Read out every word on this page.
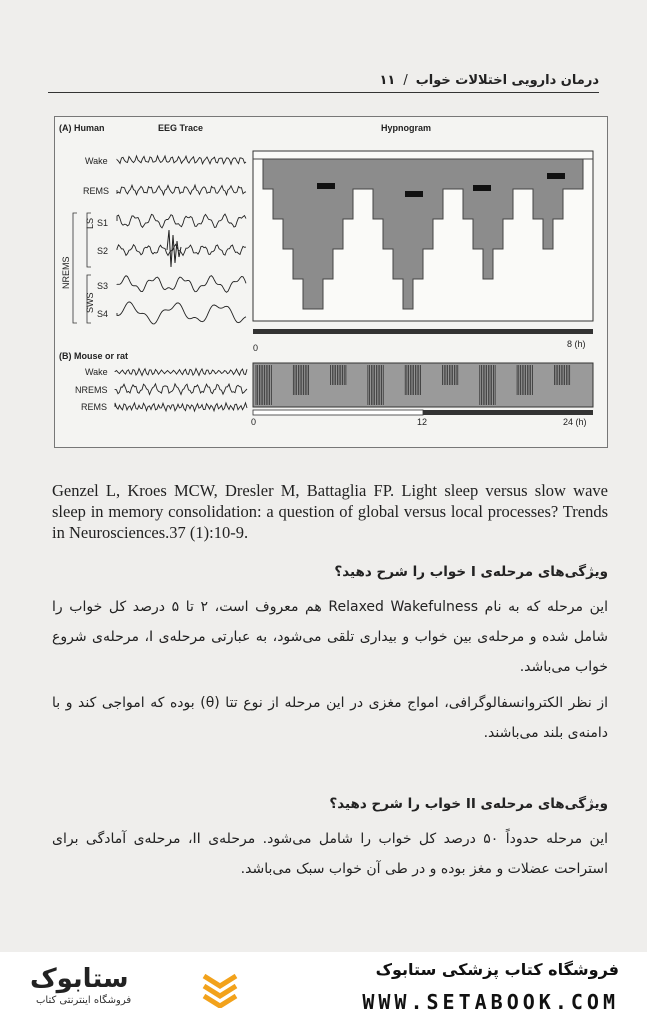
درمان دارویی اختلالات خواب
/
۱۱
(A) Human	EEG Trace	Hypnogram
Wake
REMS
S1
S2
S3
S4
LS
SWS
NREMS
0	8 (h)
(B) Mouse or rat
Wake
NREMS
REMS
0	12	24 (h)
Genzel L, Kroes MCW, Dresler M, Battaglia FP. Light sleep versus slow wave sleep in memory consolidation: a question of global versus local processes? Trends in Neurosciences.37 (1):10-9.
ویژگی‌های مرحله‌ی I خواب را شرح دهید؟
این مرحله که به نام Relaxed Wakefulness هم معروف است، ۲ تا ۵ درصد کل خواب را شامل شده و مرحله‌ی بین خواب و بیداری تلقی می‌شود، به عبارتی مرحله‌ی I، مرحله‌ی شروع خواب می‌باشد.
از نظر الکتروانسفالوگرافی، امواج مغزی در این مرحله از نوع تتا (θ) بوده که امواجی کند و با دامنه‌ی بلند می‌باشند.
ویژگی‌های مرحله‌ی II خواب را شرح دهید؟
این مرحله حدوداً ۵۰ درصد کل خواب را شامل می‌شود. مرحله‌ی II، مرحله‌ی آمادگی برای استراحت عضلات و مغز بوده و در طی آن خواب سبک می‌باشد.
ستابوک
فروشگاه اینترنتی کتاب
فروشگاه کتاب پزشکی ستابوک
WWW.SETABOOK.COM
